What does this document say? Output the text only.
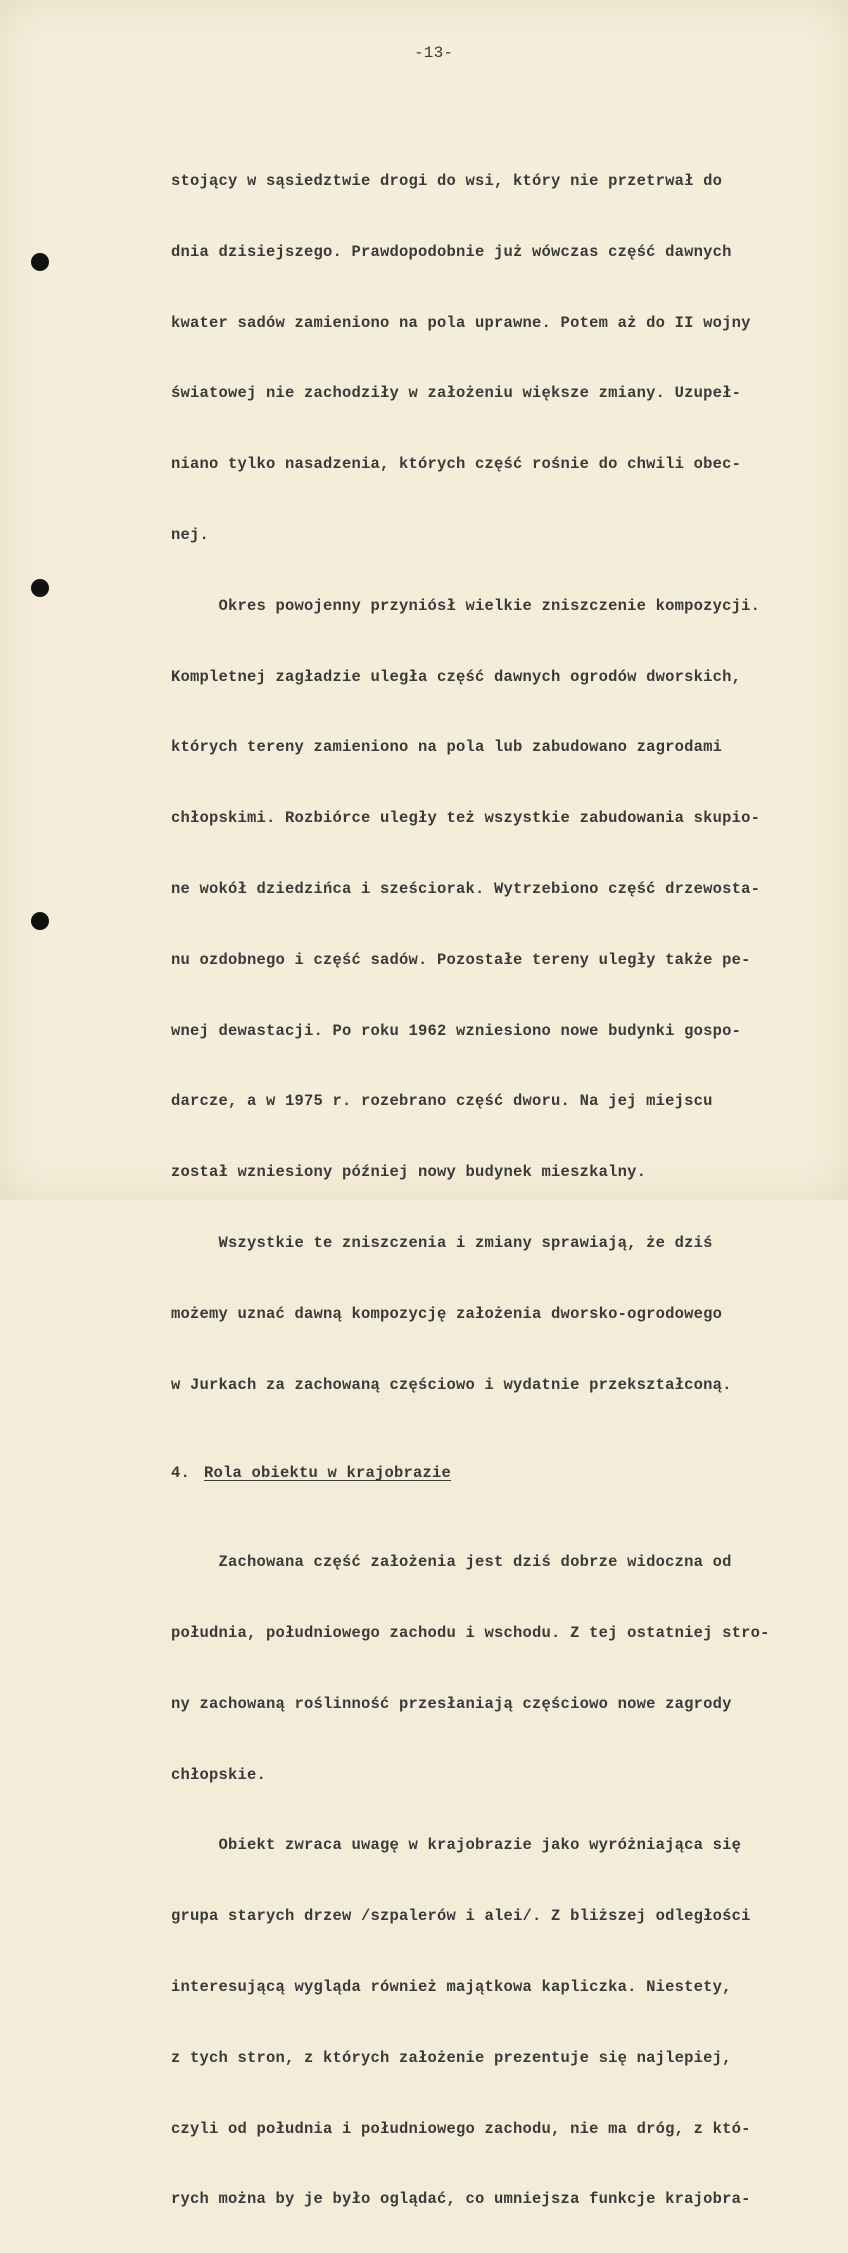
-13-

stojący w sąsiedztwie drogi do wsi, który nie przetrwał do

dnia dzisiejszego. Prawdopodobnie już wówczas część dawnych

kwater sadów zamieniono na pola uprawne. Potem aż do II wojny

światowej nie zachodziły w założeniu większe zmiany. Uzupeł-

niano tylko nasadzenia, których część rośnie do chwili obec-

nej.

Okres powojenny przyniósł wielkie zniszczenie kompozycji.

Kompletnej zagładzie uległa część dawnych ogrodów dworskich,

których tereny zamieniono na pola lub zabudowano zagrodami

chłopskimi. Rozbiórce uległy też wszystkie zabudowania skupio-

ne wokół dziedzińca i sześciorak. Wytrzebiono część drzewosta-

nu ozdobnego i część sadów. Pozostałe tereny uległy także pe-

wnej dewastacji. Po roku 1962 wzniesiono nowe budynki gospo-

darcze, a w 1975 r. rozebrano część dworu. Na jej miejscu

został wzniesiony później nowy budynek mieszkalny.

Wszystkie te zniszczenia i zmiany sprawiają, że dziś

możemy uznać dawną kompozycję założenia dworsko-ogrodowego

w Jurkach za zachowaną częściowo i wydatnie przekształconą.

4. Rola obiektu w krajobrazie

Zachowana część założenia jest dziś dobrze widoczna od

południa, południowego zachodu i wschodu. Z tej ostatniej stro-

ny zachowaną roślinność przesłaniają częściowo nowe zagrody

chłopskie.

Obiekt zwraca uwagę w krajobrazie jako wyróżniająca się

grupa starych drzew /szpalerów i alei/. Z bliższej odległości

interesującą wygląda również majątkowa kapliczka. Niestety,

z tych stron, z których założenie prezentuje się najlepiej,

czyli od południa i południowego zachodu, nie ma dróg, z któ-

rych można by je było oglądać, co umniejsza funkcje krajobra-
